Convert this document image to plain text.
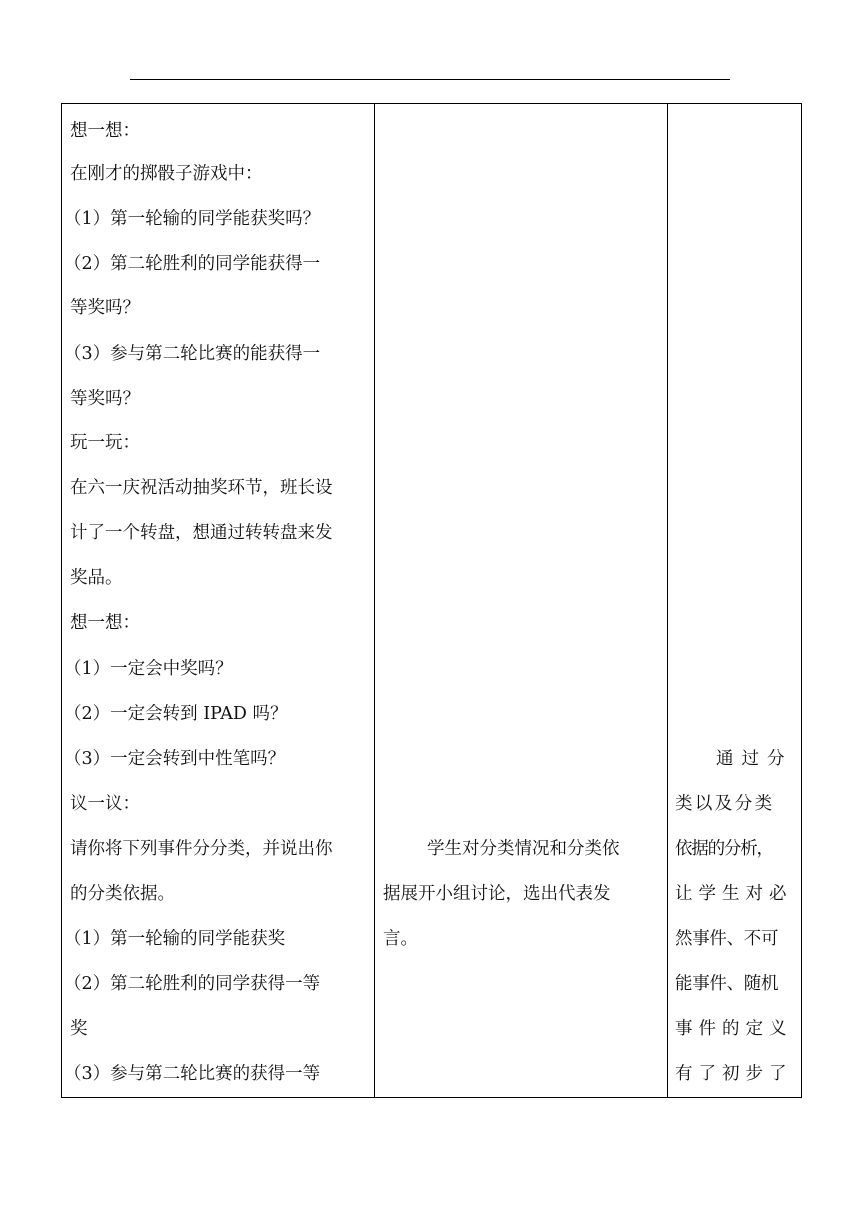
想一想：
在刚才的掷骰子游戏中：
（1）第一轮输的同学能获奖吗？
（2）第二轮胜利的同学能获得一
等奖吗？
（3）参与第二轮比赛的能获得一
等奖吗？
玩一玩：
在六一庆祝活动抽奖环节，班长设
计了一个转盘，想通过转转盘来发
奖品。
想一想：
（1）一定会中奖吗？
（2）一定会转到 IPAD 吗？
（3）一定会转到中性笔吗？
议一议：
请你将下列事件分分类，并说出你
的分类依据。
（1）第一轮输的同学能获奖
（2）第二轮胜利的同学获得一等
奖
（3）参与第二轮比赛的获得一等

学生对分类情况和分类依
据展开小组讨论，选出代表发
言。

通过分
类以及分类
依据的分析，
让学生对必
然事件、不可
能事件、随机
事件的定义
有了初步了
